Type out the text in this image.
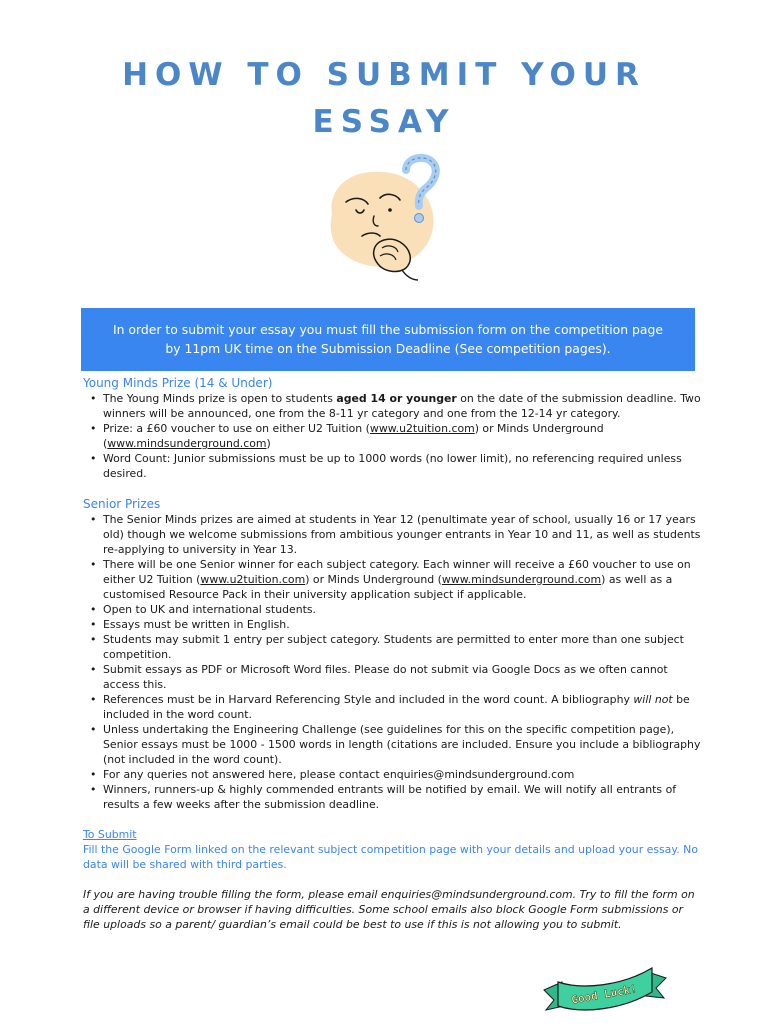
HOW TO SUBMIT YOUR
ESSAY
In order to submit your essay you must fill the submission form on the competition page
by 11pm UK time on the Submission Deadline (See competition pages).
Young Minds Prize (14 & Under)
• The Young Minds prize is open to students aged 14 or younger on the date of the submission deadline. Two winners will be announced, one from the 8-11 yr category and one from the 12-14 yr category.
• Prize: a £60 voucher to use on either U2 Tuition (www.u2tuition.com) or Minds Underground (www.mindsunderground.com)
• Word Count: Junior submissions must be up to 1000 words (no lower limit), no referencing required unless desired.
Senior Prizes
• The Senior Minds prizes are aimed at students in Year 12 (penultimate year of school, usually 16 or 17 years old) though we welcome submissions from ambitious younger entrants in Year 10 and 11, as well as students re-applying to university in Year 13.
• There will be one Senior winner for each subject category. Each winner will receive a £60 voucher to use on either U2 Tuition (www.u2tuition.com) or Minds Underground (www.mindsunderground.com) as well as a customised Resource Pack in their university application subject if applicable.
• Open to UK and international students.
• Essays must be written in English.
• Students may submit 1 entry per subject category. Students are permitted to enter more than one subject competition.
• Submit essays as PDF or Microsoft Word files. Please do not submit via Google Docs as we often cannot access this.
• References must be in Harvard Referencing Style and included in the word count. A bibliography will not be included in the word count.
• Unless undertaking the Engineering Challenge (see guidelines for this on the specific competition page), Senior essays must be 1000 - 1500 words in length (citations are included. Ensure you include a bibliography (not included in the word count).
• For any queries not answered here, please contact enquiries@mindsunderground.com
• Winners, runners-up & highly commended entrants will be notified by email. We will notify all entrants of results a few weeks after the submission deadline.
To Submit
Fill the Google Form linked on the relevant subject competition page with your details and upload your essay. No data will be shared with third parties.
If you are having trouble filling the form, please email enquiries@mindsunderground.com. Try to fill the form on a different device or browser if having difficulties. Some school emails also block Google Form submissions or file uploads so a parent/ guardian’s email could be best to use if this is not allowing you to submit.
Good Luck!
